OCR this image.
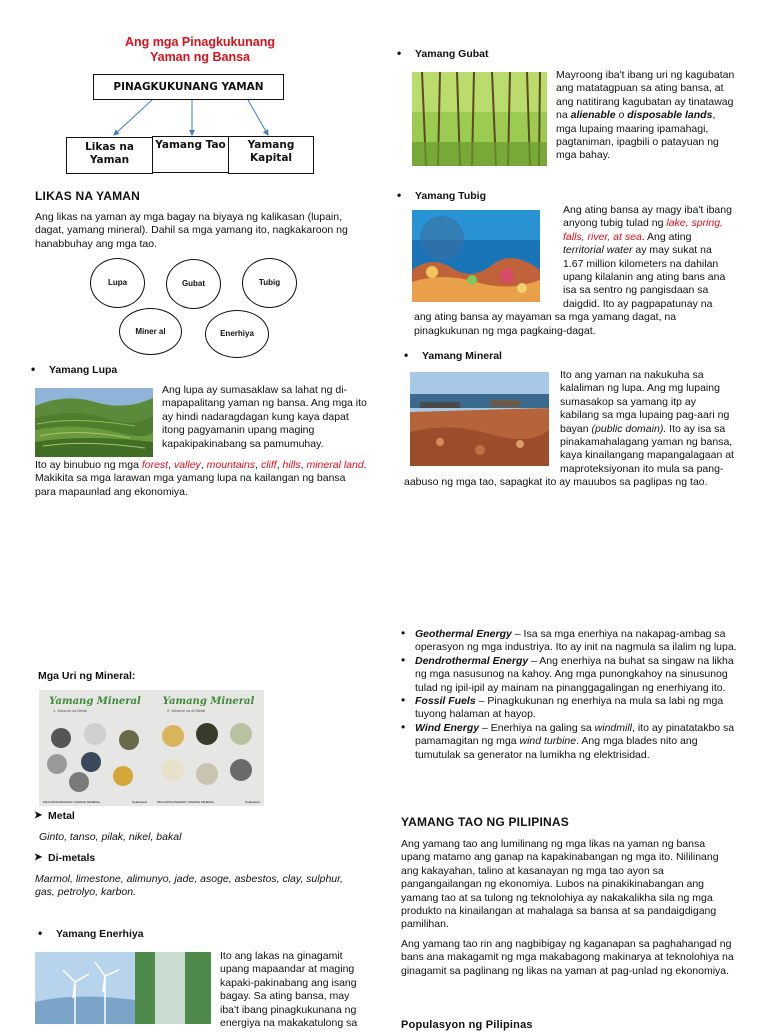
Ang mga Pinagkukunang
Yaman ng Bansa
PINAGKUKUNANG YAMAN
Likas na Yaman
Yamang Tao	Yamang Kapital
LIKAS NA YAMAN
Ang likas na yaman ay mga bagay na biyaya ng kalikasan (lupain, dagat, yamang mineral). Dahil sa mga yamang ito, nagkakaroon ng hanabbuhay ang mga tao.
Lupa	Gubat	Tubig
Miner al	Enerhiya
• Yamang Lupa
Ang lupa ay sumasaklaw sa lahat ng di-mapapalitang yaman ng bansa. Ang mga ito ay hindi nadaragdagan kung kaya dapat itong pagyamanin upang maging kapakipakinabang sa pamumuhay.
Ito ay binubuo ng mga forest, valley, mountains, cliff, hills, mineral land. Makikita sa mga larawan mga yamang lupa na kailangan ng bansa para mapaunlad ang ekonomiya.
• Yamang Gubat
Mayroong iba't ibang uri ng kagubatan ang matatagpuan sa ating bansa, at ang natitirang kagubatan ay tinatawag na alienable o disposable lands, mga lupaing maaring ipamahagi, pagtaniman, ipagbili o patayuan ng mga bahay.
• Yamang Tubig
Ang ating bansa ay magy iba't ibang anyong tubig tulad ng lake, spring, falls, river, at sea. Ang ating territorial water ay may sukat na 1.67 million kilometers na dahilan upang kilalanin ang ating bans ana isa sa sentro ng pangisdaan sa daigdid. Ito ay pagpapatunay na ang ating bansa ay mayaman sa mga yamang dagat, na pinagkukunan ng mga pagkaing-dagat.
• Yamang Mineral
Ito ang yaman na nakukuha sa kalaliman ng lupa. Ang mg lupaing sumasakop sa yamang itp ay kabilang sa mga lupaing pag-aari ng bayan (public domain). Ito ay isa sa pinakamahalagang yaman ng bansa, kaya kinailangang mapangalagaan at maproteksiyonan ito mula sa pang-aabuso ng mga tao, sapagkat ito ay mauubos sa paglipas ng tao.
Mga Uri ng Mineral:
Yamang Mineral
1. Mineral na Metal
MGA PANGUNAHING YAMANG MINERAL	Nylatravels
Yamang Mineral
2. Mineral na di Metal
MGA PANGUNAHING YAMANG MINERAL	Nylatravels
➤ Metal
Ginto, tanso, pilak, nikel, bakal
➤ Di-metals
Marmol, limestone, alimunyo, jade, asoge, asbestos, clay, sulphur, gas, petrolyo, karbon.
• Yamang Enerhiya
Ito ang lakas na ginagamit upang mapaandar at maging kapaki-pakinabang ang isang bagay. Sa ating bansa, may iba't ibang pinagkukunana ng energiya na makakatulong sa
• Geothermal Energy – Isa sa mga enerhiya na nakapag-ambag sa operasyon ng mga industriya. Ito ay init na nagmula sa ilalim ng lupa.
• Dendrothermal Energy – Ang enerhiya na buhat sa singaw na likha ng mga nasusunog na kahoy. Ang mga punongkahoy na sinusunog tulad ng ipil-ipil ay mainam na pinanggagalingan ng enerhiyang ito.
• Fossil Fuels – Pinagkukunan ng enerhiya na mula sa labi ng mga tuyong halaman at hayop.
• Wind Energy – Enerhiya na galing sa windmill, ito ay pinatatakbo sa pamamagitan ng mga wind turbine. Ang mga blades nito ang tumutulak sa generator na lumikha ng elektrisidad.
YAMANG TAO NG PILIPINAS
Ang yamang tao ang lumilinang ng mga likas na yaman ng bansa upang matamo ang ganap na kapakinabangan ng mga ito. Nililinang ang kakayahan, talino at kasanayan ng mga tao ayon sa pangangailangan ng ekonomiya. Lubos na pinakikinabangan ang yamang tao at sa tulong ng teknolohiya ay nakakalikha sila ng mga produkto na kinailangan at mahalaga sa bansa at sa pandaigdigang pamilihan.
Ang yamang tao rin ang nagbibigay ng kaganapan sa paghahangad ng bans ana makagamit ng mga makabagong makinarya at teknolohiya na ginagamit sa paglinang ng likas na yaman at pag-unlad ng ekonomiya.
Populasyon ng Pilipinas
